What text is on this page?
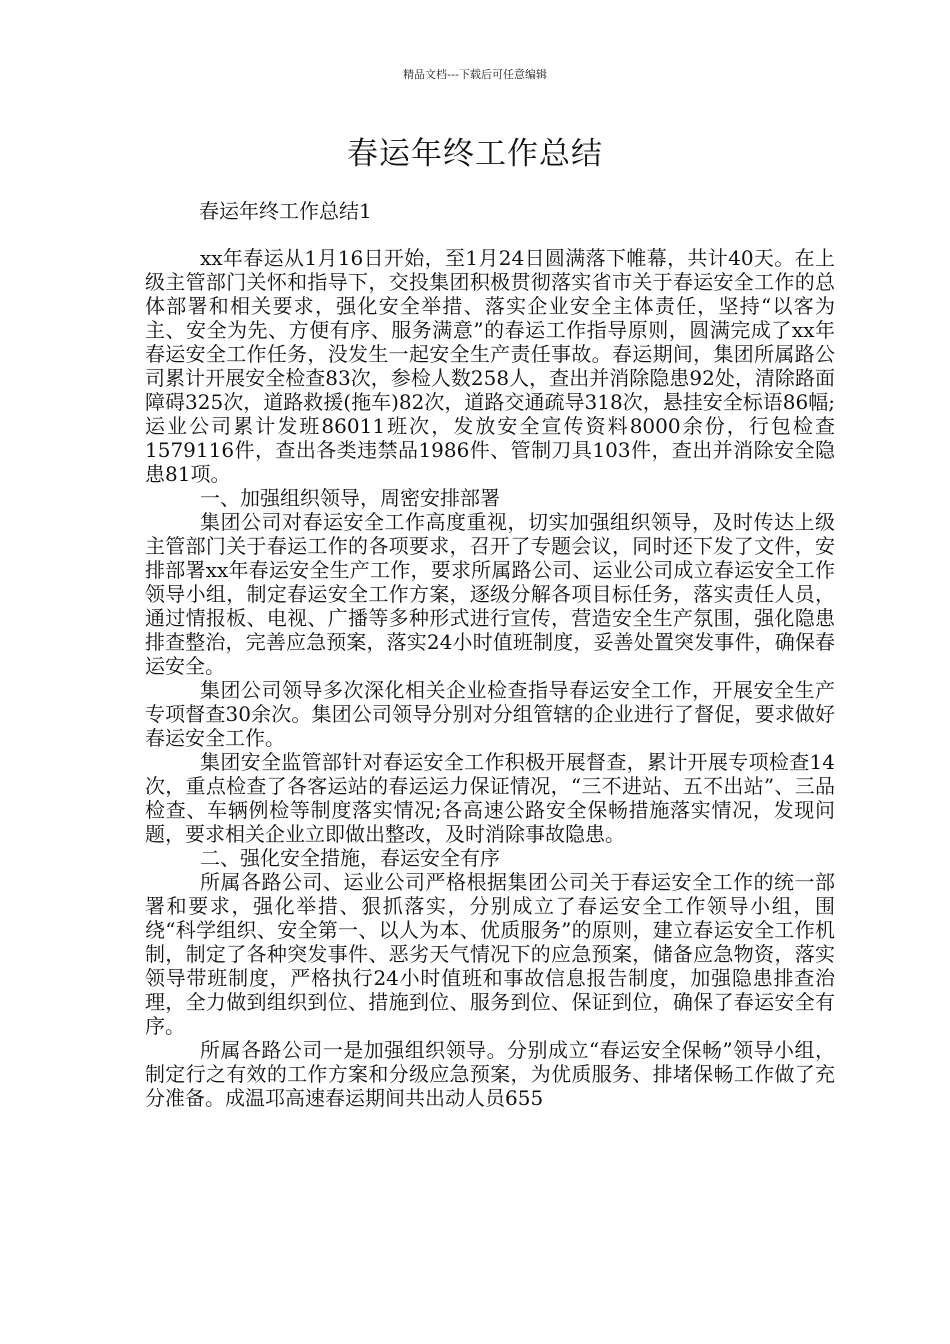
精品文档---下载后可任意编辑
春运年终工作总结
春运年终工作总结1

xx年春运从1月16日开始，至1月24日圆满落下帷幕，共计40天。在上级主管部门关怀和指导下，交投集团积极贯彻落实省市关于春运安全工作的总体部署和相关要求，强化安全举措、落实企业安全主体责任，坚持“以客为主、安全为先、方便有序、服务满意”的春运工作指导原则，圆满完成了xx年春运安全工作任务，没发生一起安全生产责任事故。春运期间，集团所属路公司累计开展安全检查83次，参检人数258人，查出并消除隐患92处，清除路面障碍325次，道路救援(拖车)82次，道路交通疏导318次，悬挂安全标语86幅;运业公司累计发班86011班次，发放安全宣传资料8000余份，行包检查1579116件，查出各类违禁品1986件、管制刀具103件，查出并消除安全隐患81项。

一、加强组织领导，周密安排部署

集团公司对春运安全工作高度重视，切实加强组织领导，及时传达上级主管部门关于春运工作的各项要求，召开了专题会议，同时还下发了文件，安排部署xx年春运安全生产工作，要求所属路公司、运业公司成立春运安全工作领导小组，制定春运安全工作方案，逐级分解各项目标任务，落实责任人员，通过情报板、电视、广播等多种形式进行宣传，营造安全生产氛围，强化隐患排查整治，完善应急预案，落实24小时值班制度，妥善处置突发事件，确保春运安全。

集团公司领导多次深化相关企业检查指导春运安全工作，开展安全生产专项督查30余次。集团公司领导分别对分组管辖的企业进行了督促，要求做好春运安全工作。

集团安全监管部针对春运安全工作积极开展督查，累计开展专项检查14次，重点检查了各客运站的春运运力保证情况，“三不进站、五不出站”、三品检查、车辆例检等制度落实情况;各高速公路安全保畅措施落实情况，发现问题，要求相关企业立即做出整改，及时消除事故隐患。

二、强化安全措施，春运安全有序

所属各路公司、运业公司严格根据集团公司关于春运安全工作的统一部署和要求，强化举措、狠抓落实，分别成立了春运安全工作领导小组，围绕“科学组织、安全第一、以人为本、优质服务”的原则，建立春运安全工作机制，制定了各种突发事件、恶劣天气情况下的应急预案，储备应急物资，落实领导带班制度，严格执行24小时值班和事故信息报告制度，加强隐患排查治理，全力做到组织到位、措施到位、服务到位、保证到位，确保了春运安全有序。

所属各路公司一是加强组织领导。分别成立“春运安全保畅”领导小组，制定行之有效的工作方案和分级应急预案，为优质服务、排堵保畅工作做了充分准备。成温邛高速春运期间共出动人员655
